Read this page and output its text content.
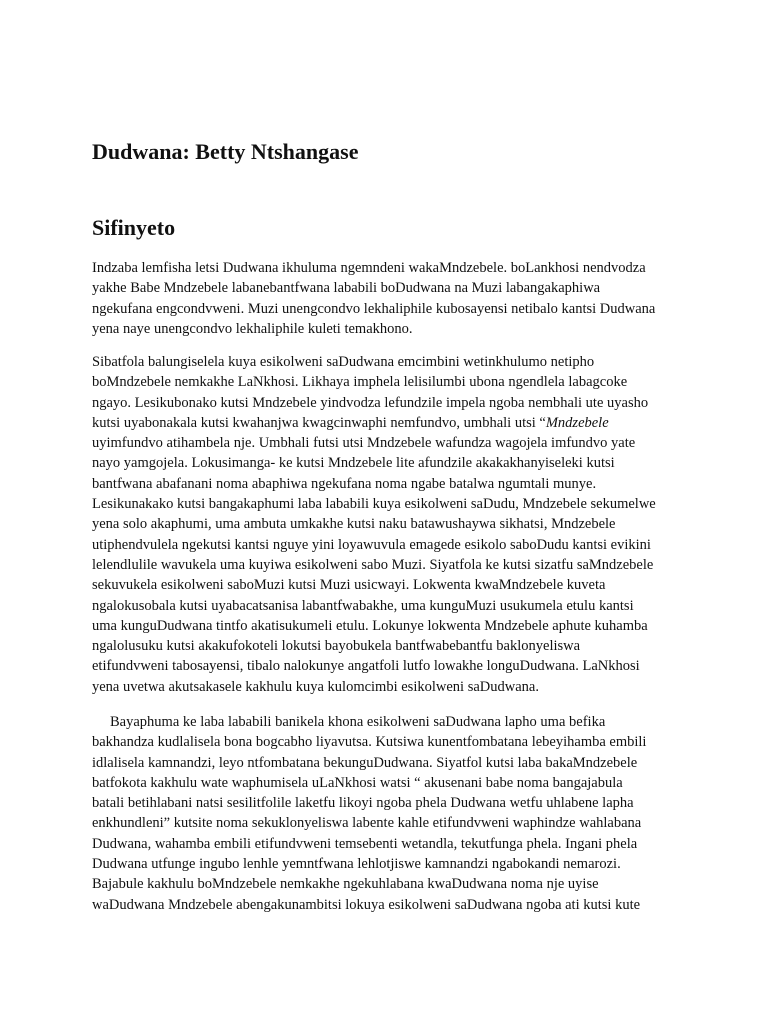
Dudwana: Betty Ntshangase
Sifinyeto

Indzaba lemfisha letsi Dudwana ikhuluma ngemndeni wakaMndzebele. boLankhosi nendvodza
yakhe Babe Mndzebele labanebantfwana lababili boDudwana na Muzi labangakaphiwa
ngekufana engcondvweni. Muzi unengcondvo lekhaliphile kubosayensi netibalo kantsi Dudwana
yena naye unengcondvo lekhaliphile kuleti temakhono.

Sibatfola balungiselela kuya esikolweni saDudwana emcimbini wetinkhulumo netipho
boMndzebele nemkakhe LaNkhosi. Likhaya imphela lelisilumbi ubona ngendlela labagcoke
ngayo. Lesikubonako kutsi Mndzebele yindvodza lefundzile impela ngoba nembhali ute uyasho
kutsi uyabonakala kutsi kwahanjwa kwagcinwaphi nemfundvo, umbhali utsi “Mndzebele
uyimfundvo atihambela nje. Umbhali futsi utsi Mndzebele wafundza wagojela imfundvo yate
nayo yamgojela. Lokusimanga- ke kutsi Mndzebele lite afundzile akakakhanyiseleki kutsi
bantfwana abafanani noma abaphiwa ngekufana noma ngabe batalwa ngumtali munye.
Lesikunakako kutsi bangakaphumi laba lababili kuya esikolweni saDudu, Mndzebele sekumelwe
yena solo akaphumi, uma ambuta umkakhe kutsi naku batawushaywa sikhatsi, Mndzebele
utiphendvulela ngekutsi kantsi nguye yini loyawuvula emagede esikolo saboDudu kantsi evikini
lelendlulile wavukela uma kuyiwa esikolweni sabo Muzi. Siyatfola ke kutsi sizatfu saMndzebele
sekuvukela esikolweni saboMuzi kutsi Muzi usicwayi. Lokwenta kwaMndzebele kuveta
ngalokusobala kutsi uyabacatsanisa labantfwabakhe, uma kunguMuzi usukumela etulu kantsi
uma kunguDudwana tintfo akatisukumeli etulu. Lokunye lokwenta Mndzebele aphute kuhamba
ngalolusuku kutsi akakufokoteli lokutsi bayobukela bantfwabebantfu baklonyeliswa
etifundvweni tabosayensi, tibalo nalokunye angatfoli lutfo lowakhe longuDudwana. LaNkhosi
yena uvetwa akutsakasele kakhulu kuya kulomcimbi esikolweni saDudwana.

Bayaphuma ke laba lababili banikela khona esikolweni saDudwana lapho uma befika
bakhandza kudlalisela bona bogcabho liyavutsa. Kutsiwa kunentfombatana lebeyihamba embili
idlalisela kamnandzi, leyo ntfombatana bekunguDudwana. Siyatfol kutsi laba bakaMndzebele
batfokota kakhulu wate waphumisela uLaNkhosi watsi “ akusenani babe noma bangajabula
batali betihlabani natsi sesilitfolile laketfu likoyi ngoba phela Dudwana wetfu uhlabene lapha
enkhundleni” kutsite noma sekuklonyeliswa labente kahle etifundvweni waphindze wahlabana
Dudwana, wahamba embili etifundvweni temsebenti wetandla, tekutfunga phela. Ingani phela
Dudwana utfunge ingubo lenhle yemntfwana lehlotjiswe kamnandzi ngabokandi nemarozi.
Bajabule kakhulu boMndzebele nemkakhe ngekuhlabana kwaDudwana noma nje uyise
waDudwana Mndzebele abengakunambitsi lokuya esikolweni saDudwana ngoba ati kutsi kute
